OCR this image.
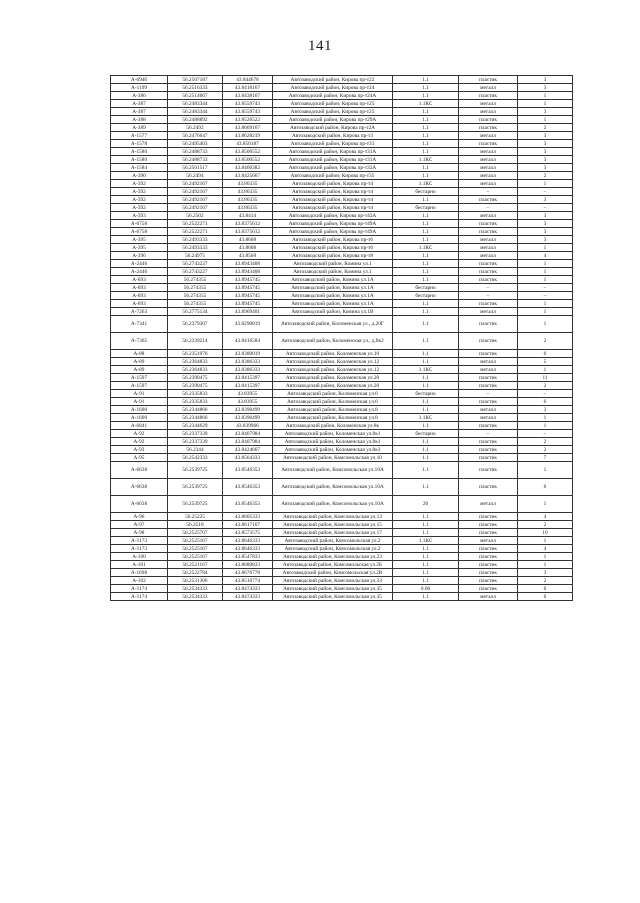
141
А-694б	56.2507187	43.844678	Автозаводский район, Кирова пр-т22	1.1	пластик	3
А-1199	56.2516333	43.8418167	Автозаводский район, Кирова пр-т24	1.1	металл	3
А-386	56.2514667	43.8438167	Автозаводский район, Кирова пр-т24А	1.1	пластик	1
А-387	56.2483344	43.8559743	Автозаводский район, Кирова пр-т25	1.1КС	металл	1
А-387	56.2483344	43.8559743	Автозаводский район, Кирова пр-т25	1.1	металл	3
А-388	56.2488892	43.8526522	Автозаводский район, Кирова пр-т29А	1.1	пластик	1
А-389	56.2492	43.8669167	Автозаводский район, Кирова пр-т2А	1.1	пластик	2
А-1577	56.2476647	43.8628219	Автозаводский район, Кирова пр-т3	1.1	металл	3
А-1578	56.2495403	43.850187	Автозаводский район, Кирова пр-т31	1.1	пластик	3
А-1580	56.2488733	43.8500552	Автозаводский район, Кирова пр-т31А	1.1	металл	3
А-1580	56.2488733	43.8500552	Автозаводский район, Кирова пр-т31А	1.1КС	металл	3
А-1584	56.2501517	43.8460382	Автозаводский район, Кирова пр-т33А	1.1	металл	3
А-390	56.2494	43.8425667	Автозаводский район, Кирова пр-т35	1.1	металл	2
А-392	56.2492167	43.86335	Автозаводский район, Кирова пр-т4	1.1КС	металл	1
А-392	56.2492167	43.86335	Автозаводский район, Кирова пр-т4	бестарно	–	–
А-392	56.2492167	43.86335	Автозаводский район, Кирова пр-т4	1.1	пластик	3
А-392	56.2492167	43.86335	Автозаводский район, Кирова пр-т4	бестарно	–	–
А-393	56.2502	43.8414	Автозаводский район, Кирова пр-т43А	1.1	металл	3
А-6758	56.2522271	43.8375612	Автозаводский район, Кирова пр-т49А	1.1	пластик	3
А-6758	56.2522271	43.8375612	Автозаводский район, Кирова пр-т49А	1.1	пластик	3
А-395	56.2493333	43.8608	Автозаводский район, Кирова пр-т6	1.1	металл	3
А-395	56.2493333	43.8608	Автозаводский район, Кирова пр-т6	1.1КС	металл	1
А-396	56.24975	43.8568	Автозаводский район, Кирова пр-т8	1.1	металл	4
А-2446	56.2743227	43.8943408	Автозаводский район, Комина ул.1	1.1	пластик	1
А-2446	56.2743227	43.8943408	Автозаводский район, Комина ул.1	1.1	пластик	1
А-693	56.274355	43.8945745	Автозаводский район, Комина ул.1А	1.1	пластик	1
А-693	56.274355	43.8945745	Автозаводский район, Комина ул.1А	бестарно	–	–
А-693	56.274355	43.8945745	Автозаводский район, Комина ул.1А	бестарно	–	–
А-693	56.274355	43.8945745	Автозаводский район, Комина ул.1А	1.1	пластик	1
А-7263	56.2775134	43.8969401	Автозаводский район, Комина ул.1В	1.1	металл	1
А-7341	56.2379307	43.8290819	Автозаводский район, Коломенская ул., д.20Г	1.1	пластик	1
А-7365	56.2339214	43.8416584	Автозаводский район, Коломенская ул., д.8к2	1.1	пластик	2
А-88	56.2351976	43.8380019	Автозаводский район, Коломенская ул.10	1.1	пластик	6
А-89	56.2364833	43.8386333	Автозаводский район, Коломенская ул.12	1.1	металл	5
А-89	56.2364833	43.8386333	Автозаводский район, Коломенская ул.12	1.1КС	металл	1
А-1597	56.2390475	43.8415397	Автозаводский район, Коломенская ул.20	1.1	пластик	11
А-1597	56.2390475	43.8415397	Автозаводский район, Коломенская ул.20	1.1	пластик	2
А-91	56.2335833	43.83955	Автозаводский район, Коломенская ул.6	бестарно	–	–
А-91	56.2335833	43.83955	Автозаводский район, Коломенская ул.6	1.1	пластик	6
А-1600	56.2344866	43.8390499	Автозаводский район, Коломенская ул.8	1.1	металл	3
А-1600	56.2344866	43.8390499	Автозаводский район, Коломенская ул.8	1.1КС	металл	1
А-6841	56.2344629	43.839966	Автозаводский район, Коломенская ул.8к	1.1	пластик	1
А-92	56.2337339	43.8407984	Автозаводский район, Коломенская ул.8к1	бестарно	–	–
А-92	56.2337339	43.8407984	Автозаводский район, Коломенская ул.8к1	1.1	пластик	2
А-93	56.2344	43.8424667	Автозаводский район, Коломенская ул.8к3	1.1	пластик	2
А-95	56.2542333	43.8564333	Автозаводский район, Комсомольская ул.10	1.1	пластик	7
А-6638	56.2539725	43.8546353	Автозаводский район, Комсомольская ул.10А	1.1	пластик	1
А-6638	56.2539725	43.8546353	Автозаводский район, Комсомольская ул.10А	1.1	пластик	6
А-6638	56.2539725	43.8546353	Автозаводский район, Комсомольская ул.10А	20	металл	1
А-96	56.25225	43.8605333	Автозаводский район, Комсомольская ул.13	1.1	пластик	4
А-97	56.2518	43.8617167	Автозаводский район, Комсомольская ул.15	1.1	пластик	2
А-98	56.2525707	43.8573575	Автозаводский район, Комсомольская ул.17	1.1	пластик	10
А-1173	56.2525167	43.8646333	Автозаводский район, Комсомольская ул.2	1.1КС	металл	1
А-1173	56.2525167	43.8646333	Автозаводский район, Комсомольская ул.2	1.1	пластик	4
А-100	56.2525167	43.8547833	Автозаводский район, Комсомольская ул.23	1.1	пластик	1
А-101	56.2521167	43.8680833	Автозаводский район, Комсомольская ул.2Б	1.1	пластик	1
А-1698	56.2522784	43.8676778	Автозаводский район, Комсомольская ул.2В	1.1	пластик	3
А-102	56.2531306	43.8510774	Автозаводский район, Комсомольская ул.33	1.1	пластик	2
А-1174	56.2534333	43.8474333	Автозаводский район, Комсомольская ул.35	0.66	пластик	6
А-1174	56.2534333	43.8474333	Автозаводский район, Комсомольская ул.35	1.1	металл	6
